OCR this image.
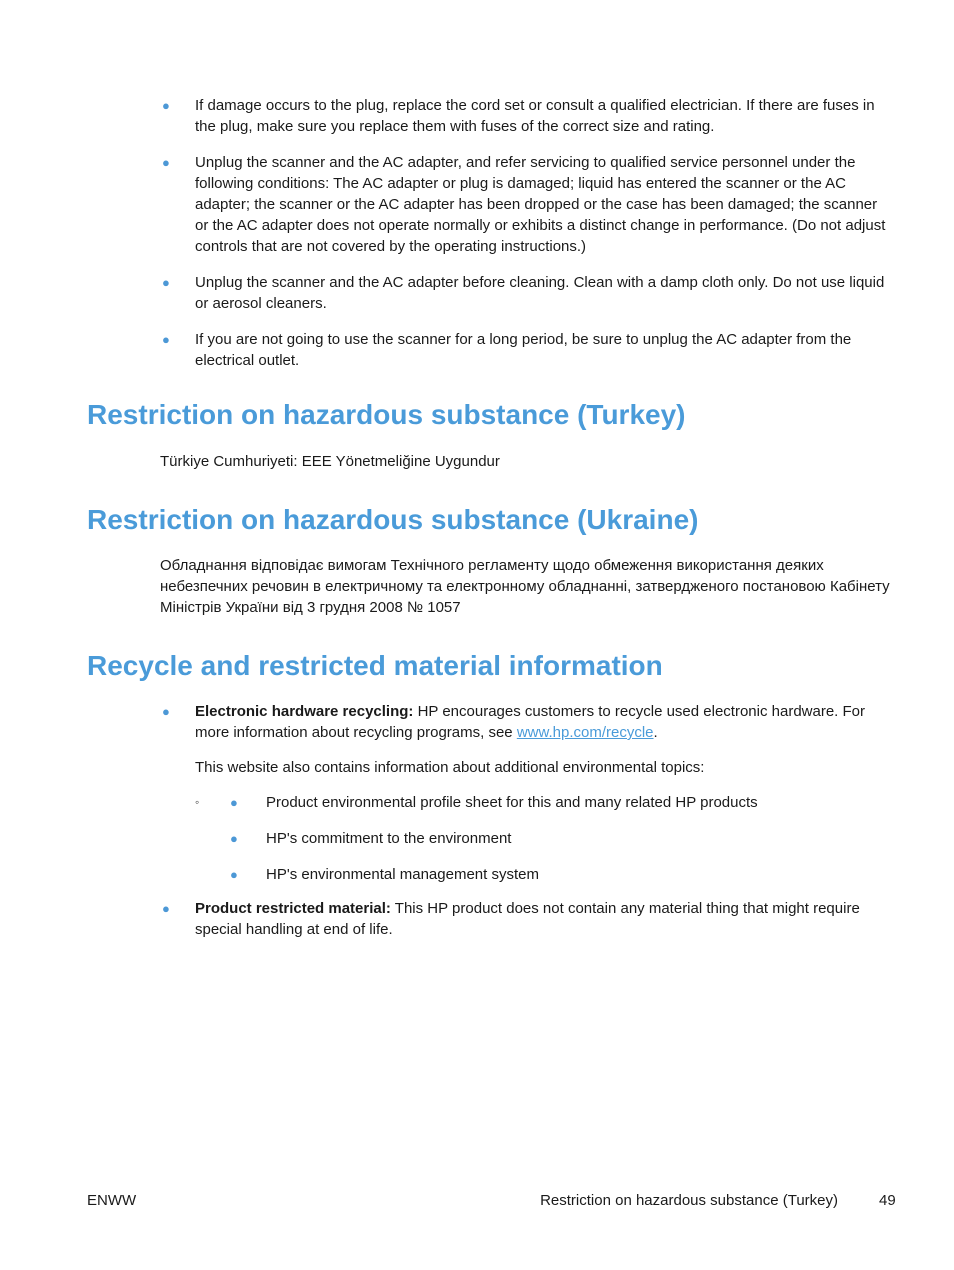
● If damage occurs to the plug, replace the cord set or consult a qualified electrician. If there are fuses in the plug, make sure you replace them with fuses of the correct size and rating.
● Unplug the scanner and the AC adapter, and refer servicing to qualified service personnel under the following conditions: The AC adapter or plug is damaged; liquid has entered the scanner or the AC adapter; the scanner or the AC adapter has been dropped or the case has been damaged; the scanner or the AC adapter does not operate normally or exhibits a distinct change in performance. (Do not adjust controls that are not covered by the operating instructions.)
● Unplug the scanner and the AC adapter before cleaning. Clean with a damp cloth only. Do not use liquid or aerosol cleaners.
● If you are not going to use the scanner for a long period, be sure to unplug the AC adapter from the electrical outlet.
Restriction on hazardous substance (Turkey)

Türkiye Cumhuriyeti: EEE Yönetmeliğine Uygundur

Restriction on hazardous substance (Ukraine)

Обладнання відповідає вимогам Технічного регламенту щодо обмеження використання деяких небезпечних речовин в електричному та електронному обладнанні, затвердженого постановою Кабінету Міністрів України від 3 грудня 2008 № 1057

Recycle and restricted material information
● Electronic hardware recycling: HP encourages customers to recycle used electronic hardware. For more information about recycling programs, see www.hp.com/recycle.

This website also contains information about additional environmental topics:

◦ ● Product environmental profile sheet for this and many related HP products
● HP's commitment to the environment
● HP's environmental management system
● Product restricted material: This HP product does not contain any material thing that might require special handling at end of life.
ENWW	Restriction on hazardous substance (Turkey)	49
